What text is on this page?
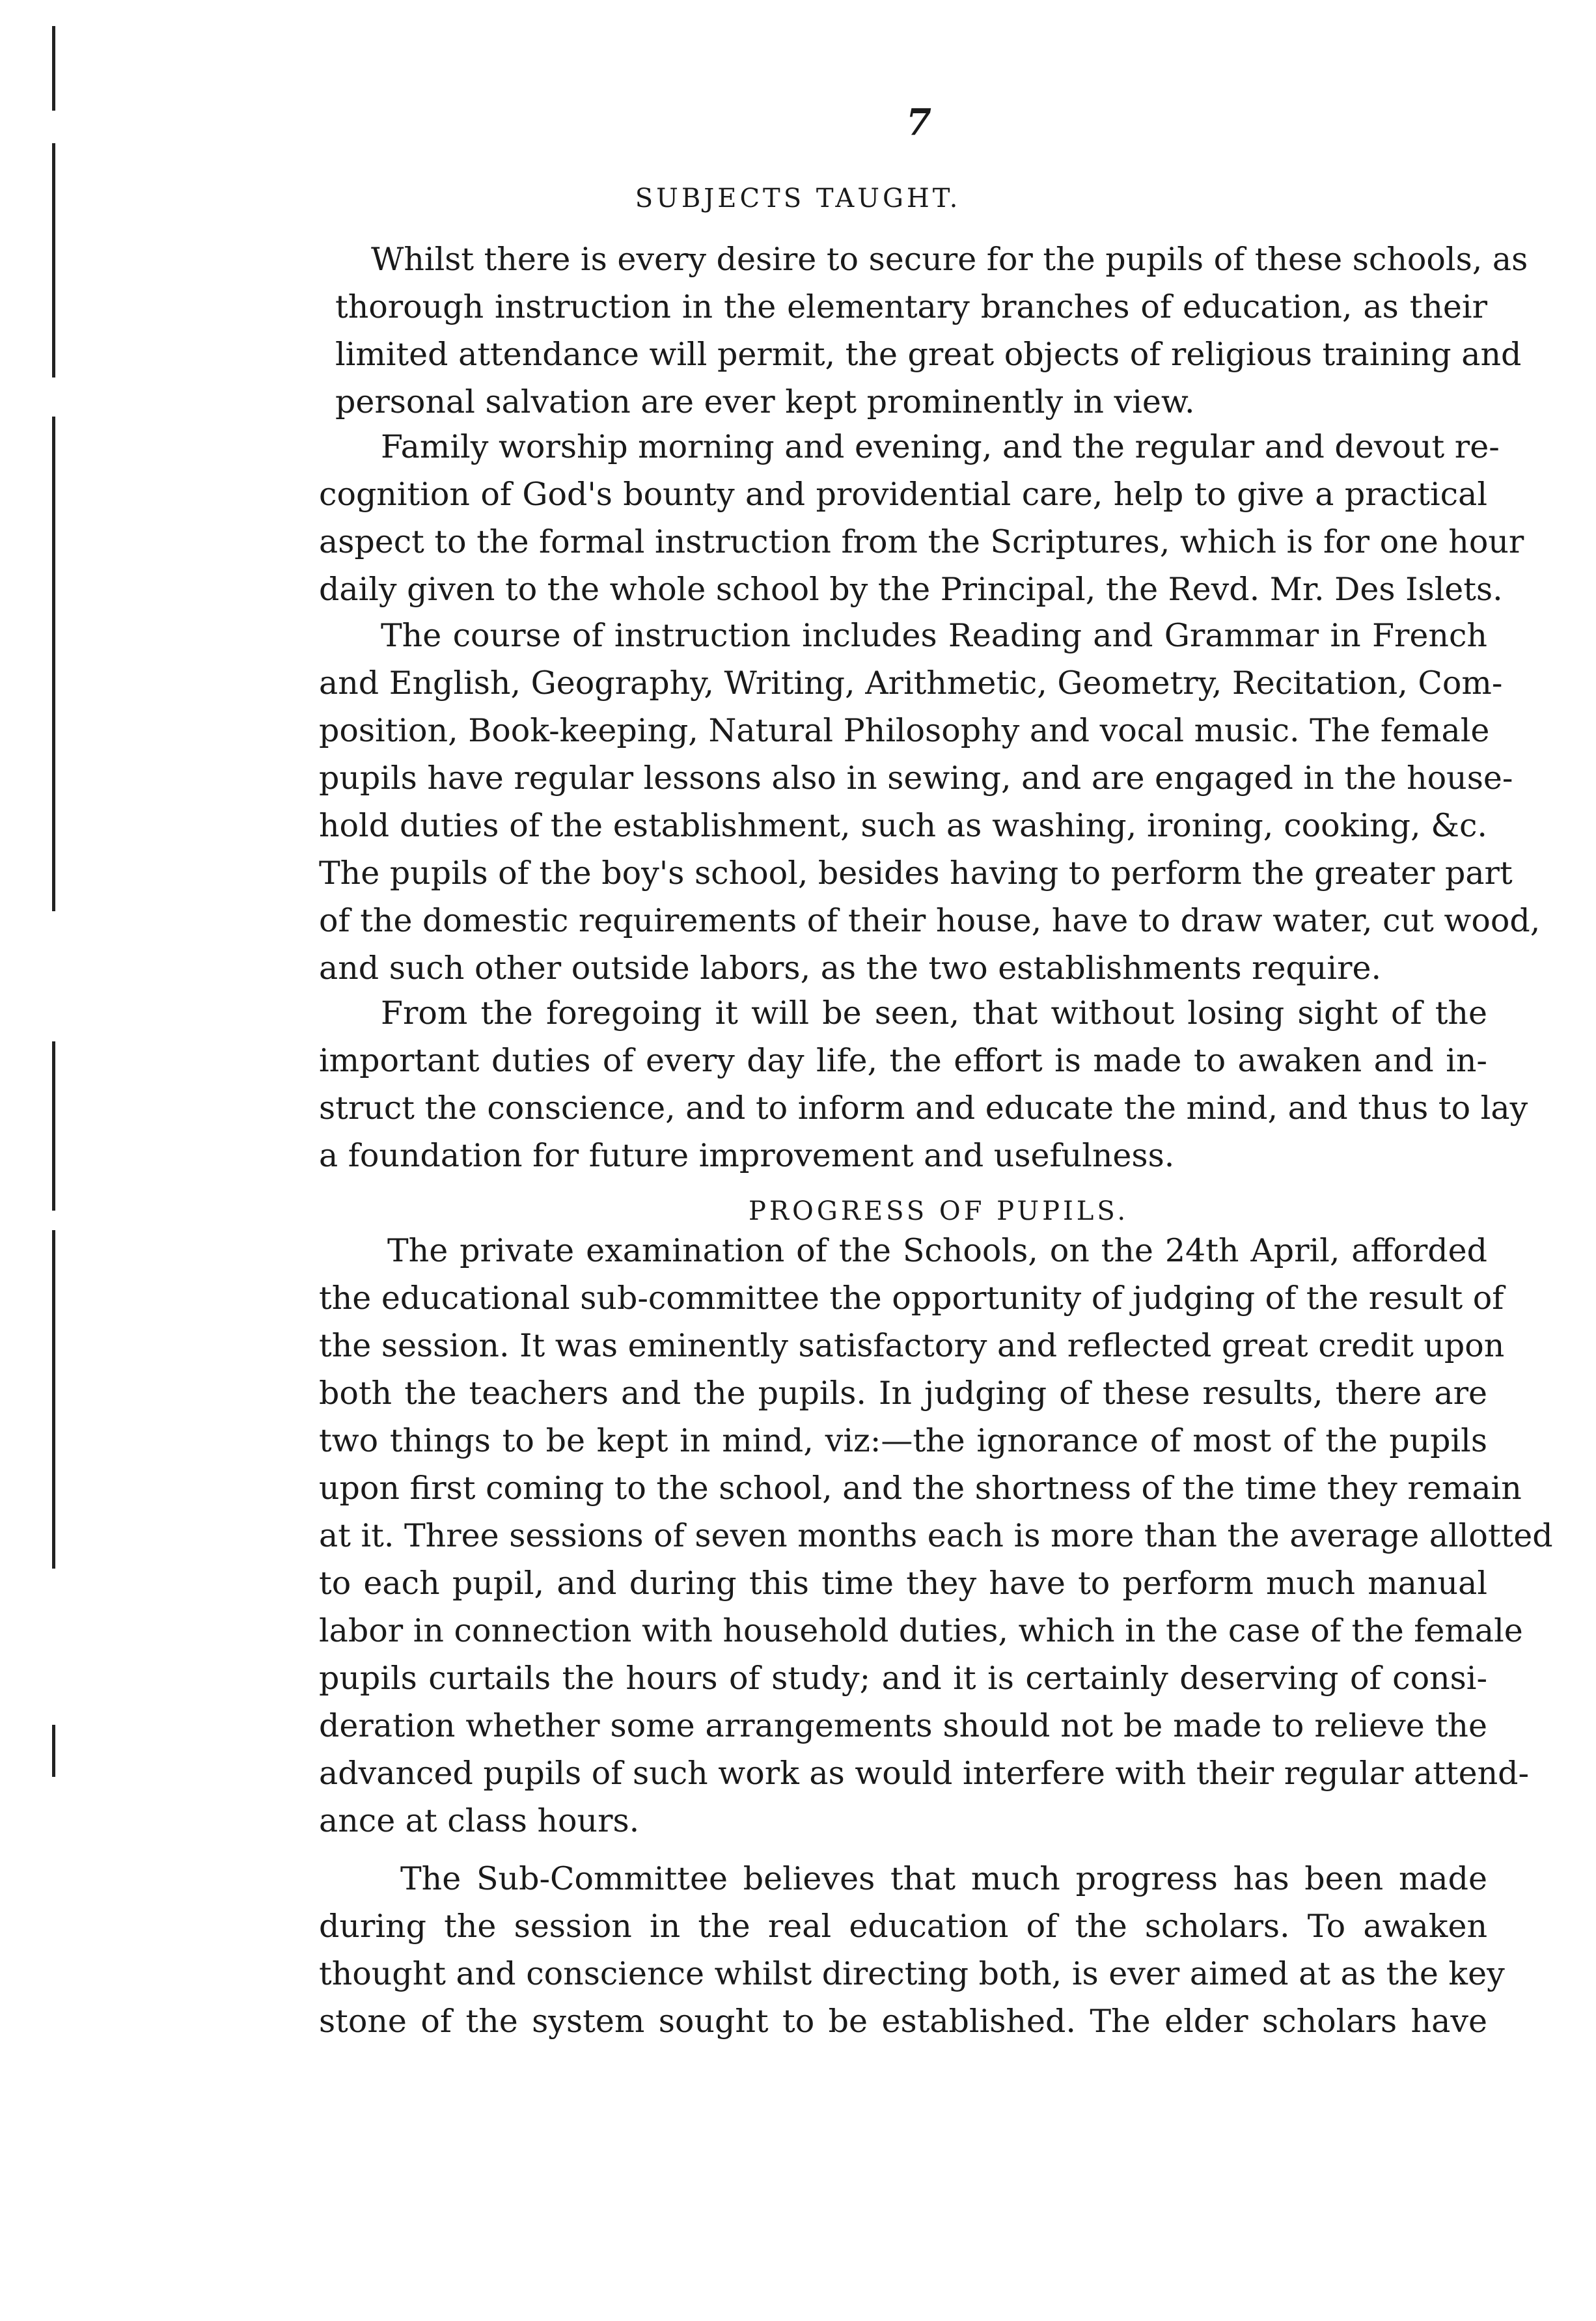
7
SUBJECTS TAUGHT.
Whilst there is every desire to secure for the pupils of these schools, as
thorough instruction in the elementary branches of education, as their
limited attendance will permit, the great objects of religious training and
personal salvation are ever kept prominently in view.
Family worship morning and evening, and the regular and devout re-
cognition of God's bounty and providential care, help to give a practical
aspect to the formal instruction from the Scriptures, which is for one hour
daily given to the whole school by the Principal, the Revd. Mr. Des Islets.
The course of instruction includes Reading and Grammar in French
and English, Geography, Writing, Arithmetic, Geometry, Recitation, Com-
position, Book-keeping, Natural Philosophy and vocal music. The female
pupils have regular lessons also in sewing, and are engaged in the house-
hold duties of the establishment, such as washing, ironing, cooking, &c.
The pupils of the boy's school, besides having to perform the greater part
of the domestic requirements of their house, have to draw water, cut wood,
and such other outside labors, as the two establishments require.
From the foregoing it will be seen, that without losing sight of the
important duties of every day life, the effort is made to awaken and in-
struct the conscience, and to inform and educate the mind, and thus to lay
a foundation for future improvement and usefulness.
PROGRESS OF PUPILS.
The private examination of the Schools, on the 24th April, afforded
the educational sub-committee the opportunity of judging of the result of
the session. It was eminently satisfactory and reflected great credit upon
both the teachers and the pupils. In judging of these results, there are
two things to be kept in mind, viz:—the ignorance of most of the pupils
upon first coming to the school, and the shortness of the time they remain
at it. Three sessions of seven months each is more than the average allotted
to each pupil, and during this time they have to perform much manual
labor in connection with household duties, which in the case of the female
pupils curtails the hours of study; and it is certainly deserving of consi-
deration whether some arrangements should not be made to relieve the
advanced pupils of such work as would interfere with their regular attend-
ance at class hours.
The Sub-Committee believes that much progress has been made
during the session in the real education of the scholars. To awaken
thought and conscience whilst directing both, is ever aimed at as the key
stone of the system sought to be established. The elder scholars have
